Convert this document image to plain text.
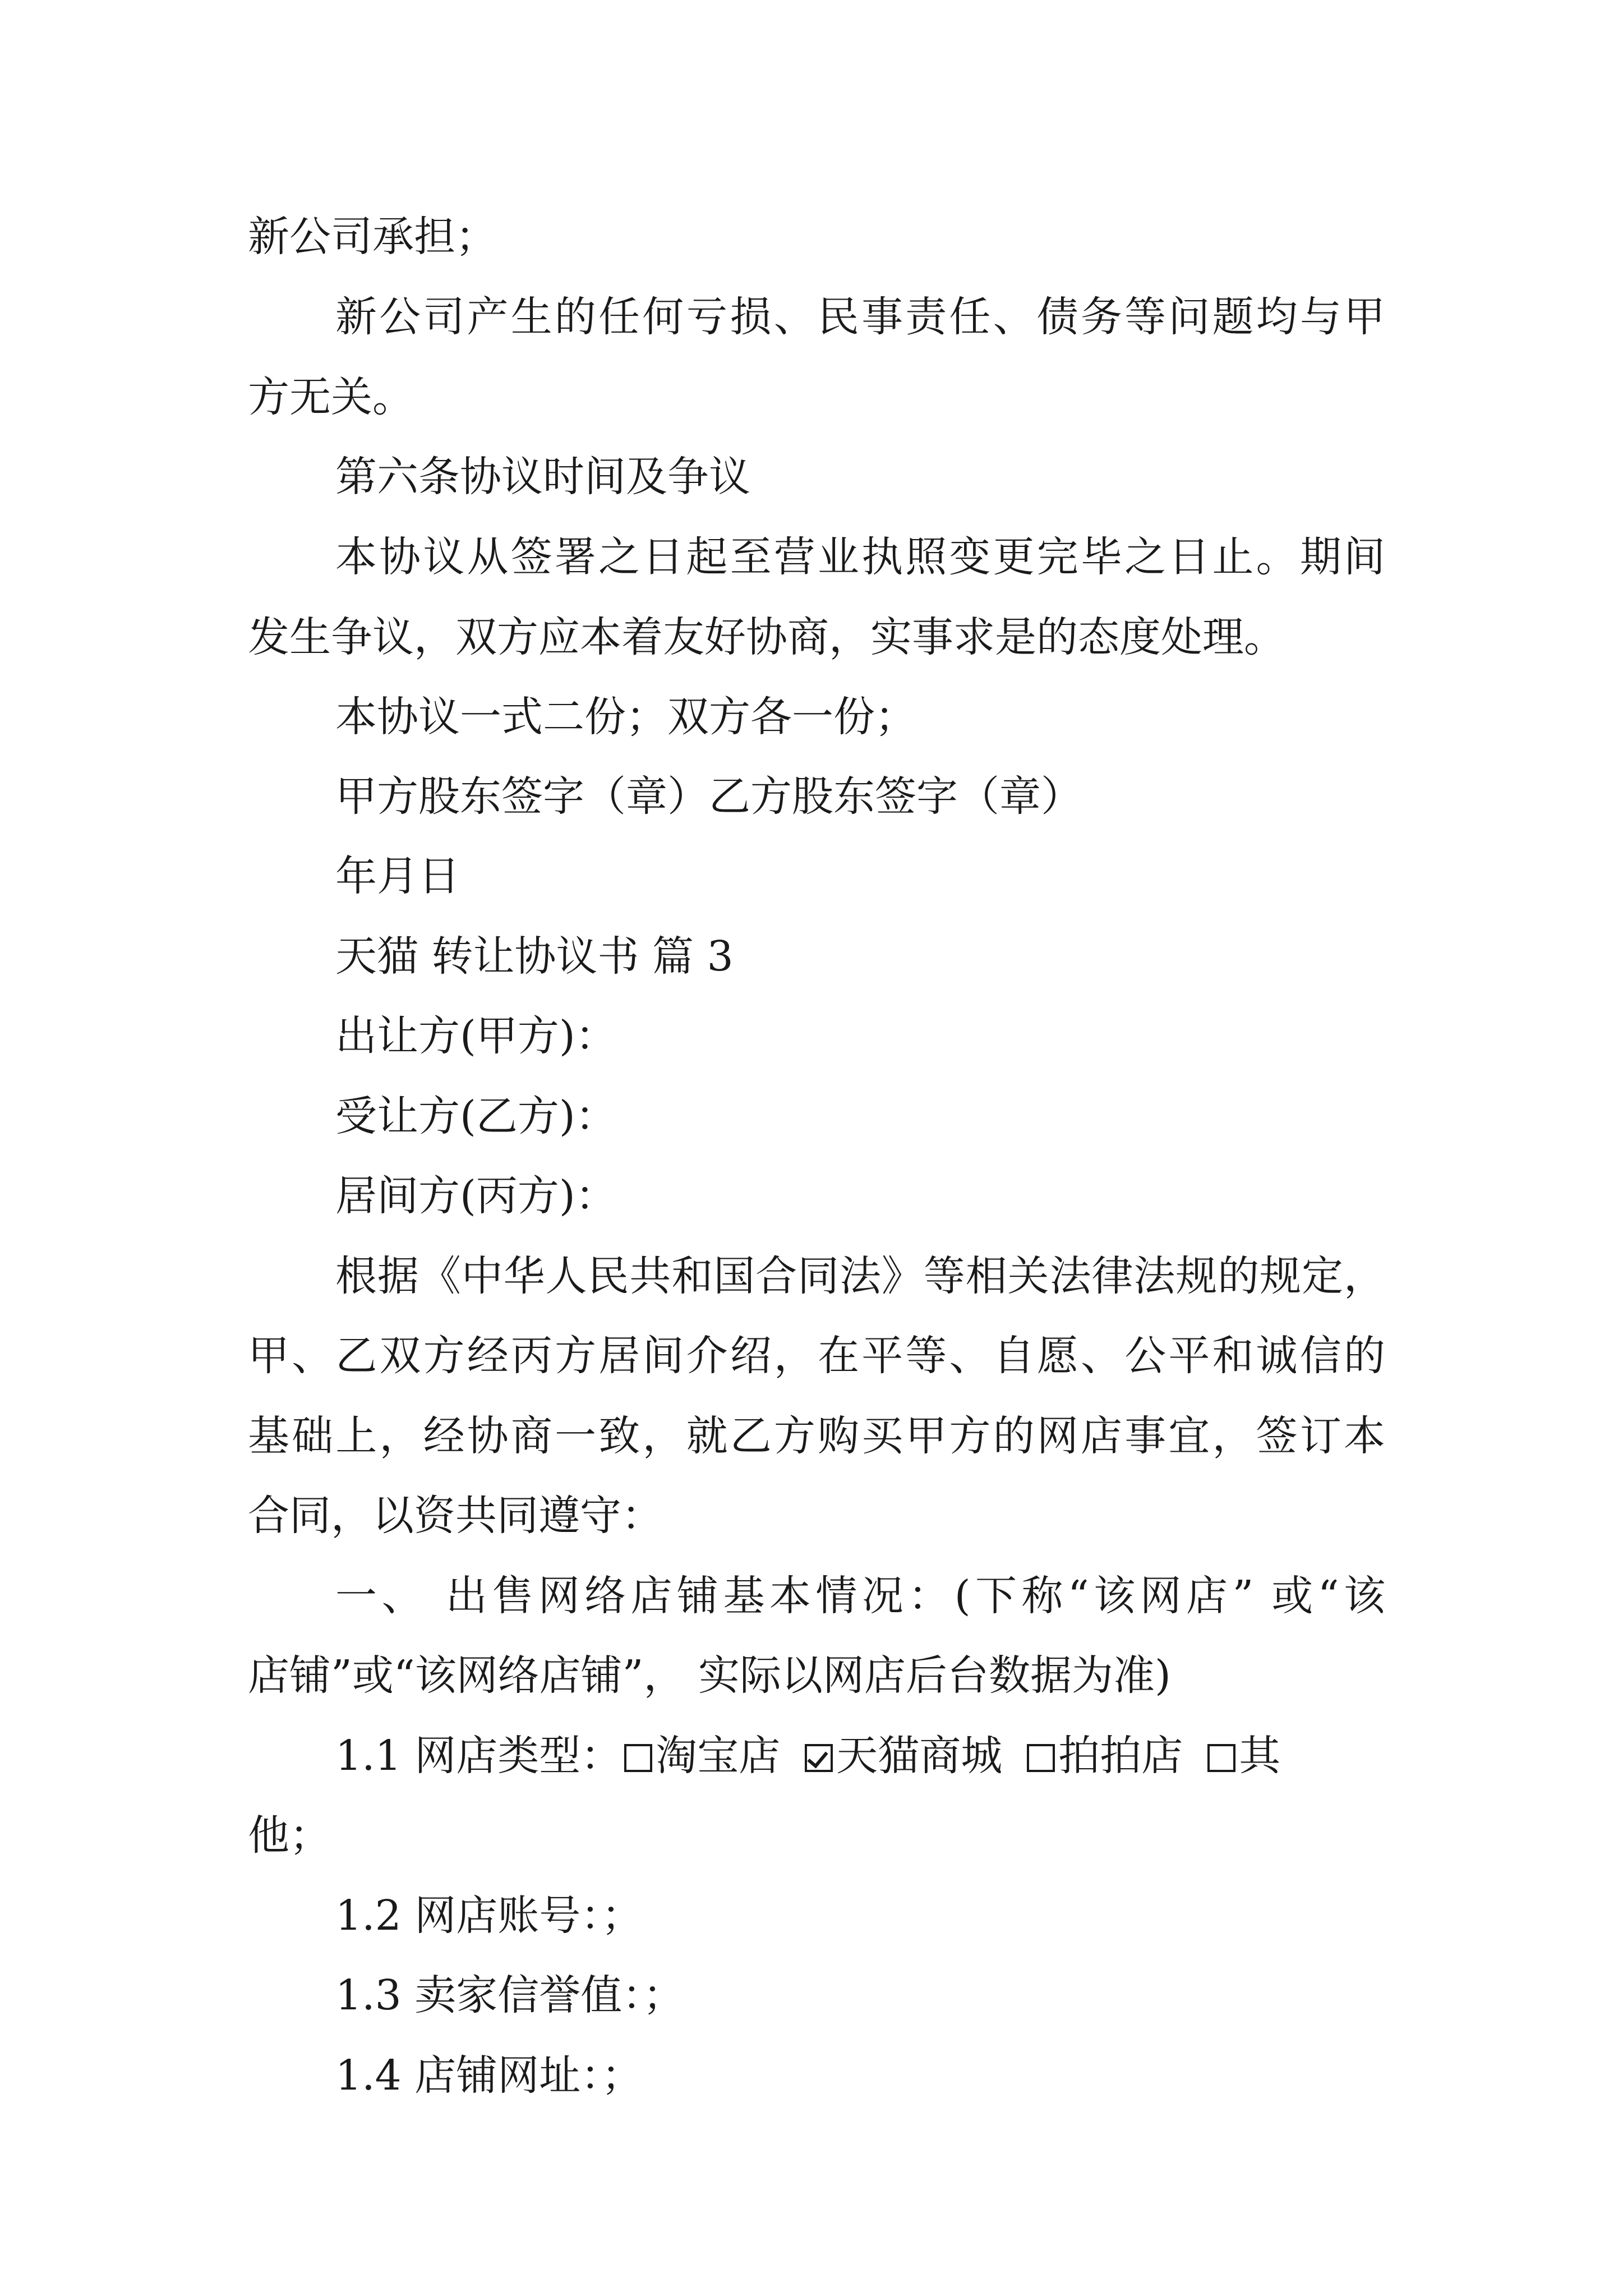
新公司承担；
新公司产生的任何亏损、民事责任、债务等问题均与甲
方无关。
第六条协议时间及争议
本协议从签署之日起至营业执照变更完毕之日止。期间
发生争议，双方应本着友好协商，实事求是的态度处理。
本协议一式二份；双方各一份；
甲方股东签字（章）乙方股东签字（章）
年月日
天猫 转让协议书 篇 3
出让方(甲方)：
受让方(乙方)：
居间方(丙方)：
根据《中华人民共和国合同法》等相关法律法规的规定，
甲、乙双方经丙方居间介绍，在平等、自愿、公平和诚信的
基础上，经协商一致，就乙方购买甲方的网店事宜，签订本
合同，以资共同遵守：
一、 出售网络店铺基本情况：(下称“该网店” 或“该
店铺”或“该网络店铺”， 实际以网店后台数据为准)
1.1 网店类型： 淘宝店 天猫商城 拍拍店 其
他；
1.2 网店账号：；
1.3 卖家信誉值：；
1.4 店铺网址：；
